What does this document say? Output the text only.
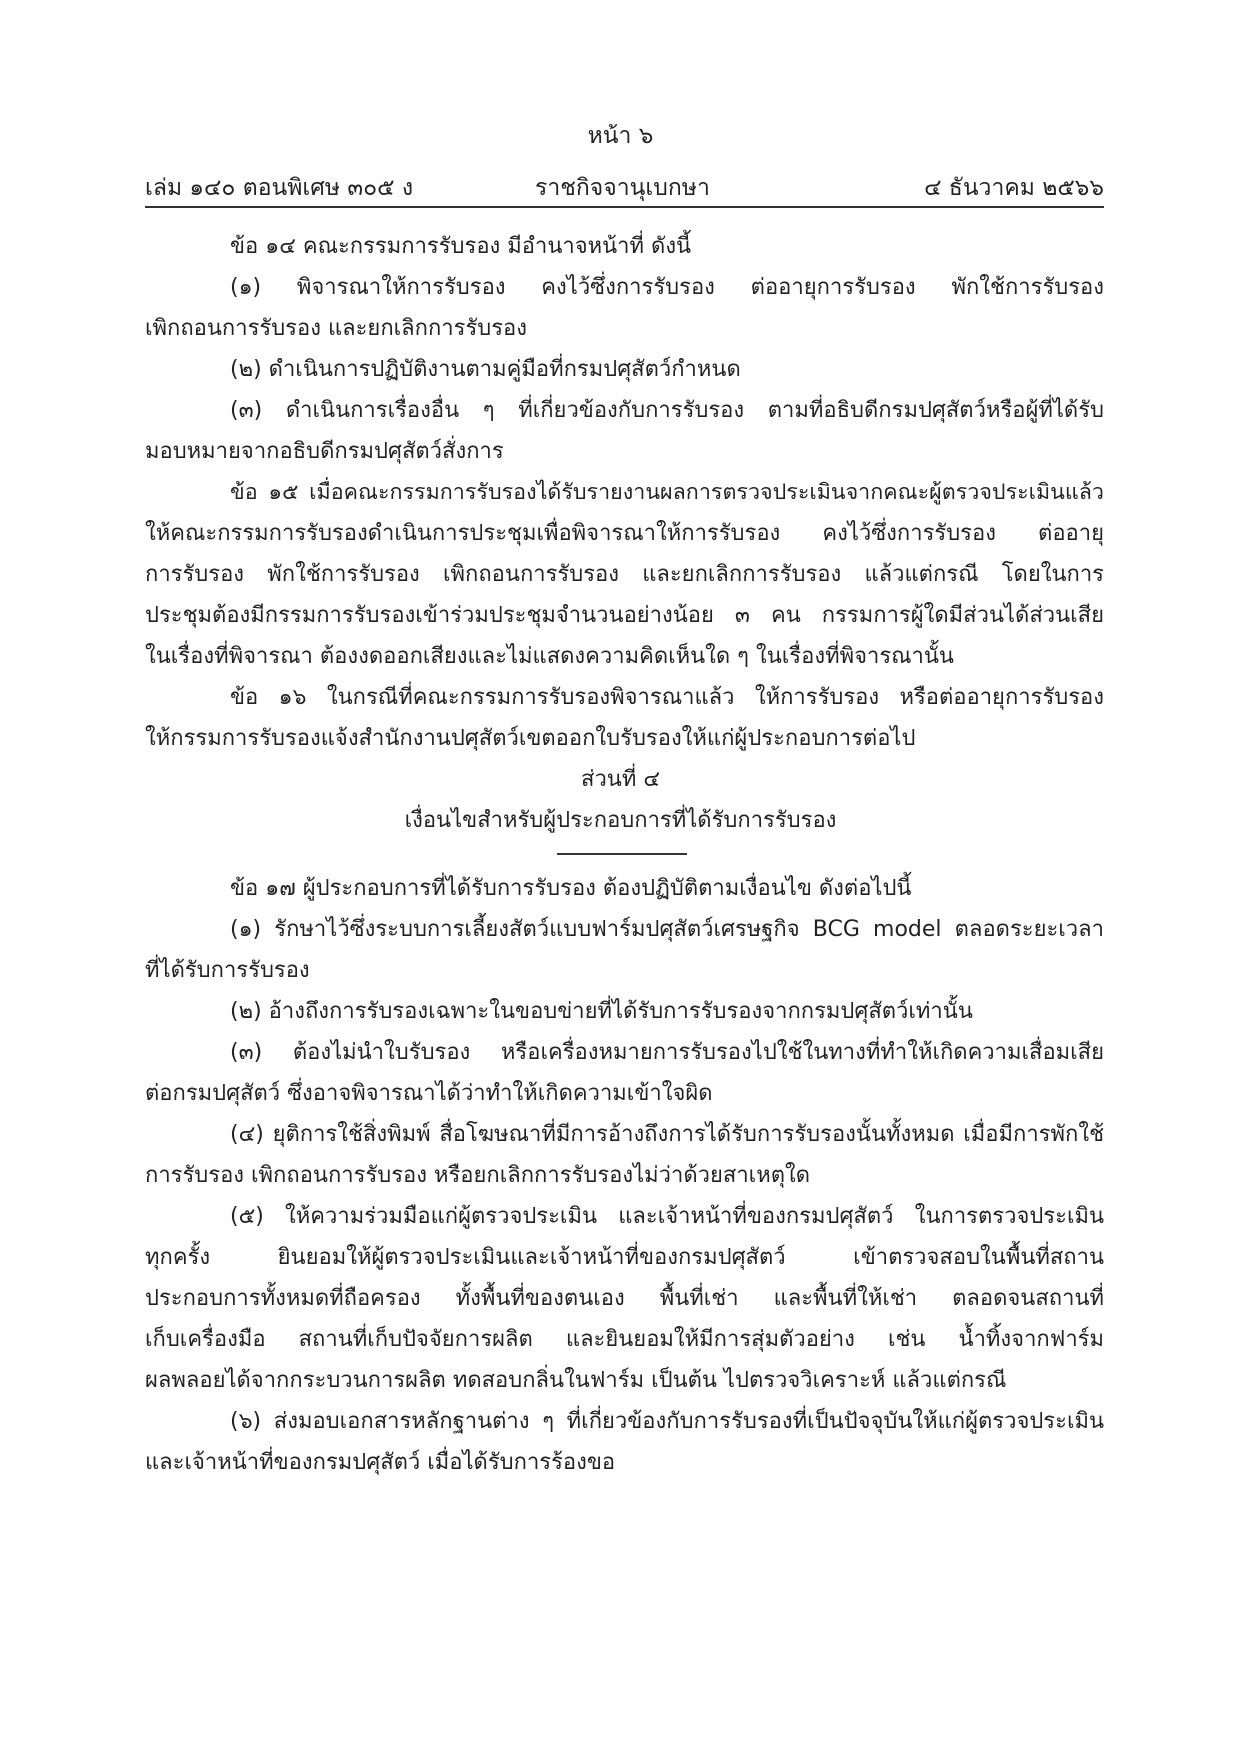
หน้า ๖
เล่ม ๑๔๐ ตอนพิเศษ ๓๐๕ ง	ราชกิจจานุเบกษา	๔ ธันวาคม ๒๕๖๖
ข้อ ๑๔ คณะกรรมการรับรอง มีอำนาจหน้าที่ ดังนี้
(๑) พิจารณาให้การรับรอง คงไว้ซึ่งการรับรอง ต่ออายุการรับรอง พักใช้การรับรอง
เพิกถอนการรับรอง และยกเลิกการรับรอง
(๒) ดำเนินการปฏิบัติงานตามคู่มือที่กรมปศุสัตว์กำหนด
(๓) ดำเนินการเรื่องอื่น ๆ ที่เกี่ยวข้องกับการรับรอง ตามที่อธิบดีกรมปศุสัตว์หรือผู้ที่ได้รับ
มอบหมายจากอธิบดีกรมปศุสัตว์สั่งการ
ข้อ ๑๕ เมื่อคณะกรรมการรับรองได้รับรายงานผลการตรวจประเมินจากคณะผู้ตรวจประเมินแล้ว
ให้คณะกรรมการรับรองดำเนินการประชุมเพื่อพิจารณาให้การรับรอง คงไว้ซึ่งการรับรอง ต่ออายุ
การรับรอง พักใช้การรับรอง เพิกถอนการรับรอง และยกเลิกการรับรอง แล้วแต่กรณี โดยในการ
ประชุมต้องมีกรรมการรับรองเข้าร่วมประชุมจำนวนอย่างน้อย ๓ คน กรรมการผู้ใดมีส่วนได้ส่วนเสีย
ในเรื่องที่พิจารณา ต้องงดออกเสียงและไม่แสดงความคิดเห็นใด ๆ ในเรื่องที่พิจารณานั้น
ข้อ ๑๖ ในกรณีที่คณะกรรมการรับรองพิจารณาแล้ว ให้การรับรอง หรือต่ออายุการรับรอง
ให้กรรมการรับรองแจ้งสำนักงานปศุสัตว์เขตออกใบรับรองให้แก่ผู้ประกอบการต่อไป
ส่วนที่ ๔
เงื่อนไขสำหรับผู้ประกอบการที่ได้รับการรับรอง
ข้อ ๑๗ ผู้ประกอบการที่ได้รับการรับรอง ต้องปฏิบัติตามเงื่อนไข ดังต่อไปนี้
(๑) รักษาไว้ซึ่งระบบการเลี้ยงสัตว์แบบฟาร์มปศุสัตว์เศรษฐกิจ BCG model ตลอดระยะเวลา
ที่ได้รับการรับรอง
(๒) อ้างถึงการรับรองเฉพาะในขอบข่ายที่ได้รับการรับรองจากกรมปศุสัตว์เท่านั้น
(๓) ต้องไม่นำใบรับรอง หรือเครื่องหมายการรับรองไปใช้ในทางที่ทำให้เกิดความเสื่อมเสีย
ต่อกรมปศุสัตว์ ซึ่งอาจพิจารณาได้ว่าทำให้เกิดความเข้าใจผิด
(๔) ยุติการใช้สิ่งพิมพ์ สื่อโฆษณาที่มีการอ้างถึงการได้รับการรับรองนั้นทั้งหมด เมื่อมีการพักใช้
การรับรอง เพิกถอนการรับรอง หรือยกเลิกการรับรองไม่ว่าด้วยสาเหตุใด
(๕) ให้ความร่วมมือแก่ผู้ตรวจประเมิน และเจ้าหน้าที่ของกรมปศุสัตว์ ในการตรวจประเมิน
ทุกครั้ง ยินยอมให้ผู้ตรวจประเมินและเจ้าหน้าที่ของกรมปศุสัตว์ เข้าตรวจสอบในพื้นที่สถาน
ประกอบการทั้งหมดที่ถือครอง ทั้งพื้นที่ของตนเอง พื้นที่เช่า และพื้นที่ให้เช่า ตลอดจนสถานที่
เก็บเครื่องมือ สถานที่เก็บปัจจัยการผลิต และยินยอมให้มีการสุ่มตัวอย่าง เช่น น้ำทิ้งจากฟาร์ม
ผลพลอยได้จากกระบวนการผลิต ทดสอบกลิ่นในฟาร์ม เป็นต้น ไปตรวจวิเคราะห์ แล้วแต่กรณี
(๖) ส่งมอบเอกสารหลักฐานต่าง ๆ ที่เกี่ยวข้องกับการรับรองที่เป็นปัจจุบันให้แก่ผู้ตรวจประเมิน
และเจ้าหน้าที่ของกรมปศุสัตว์ เมื่อได้รับการร้องขอ
